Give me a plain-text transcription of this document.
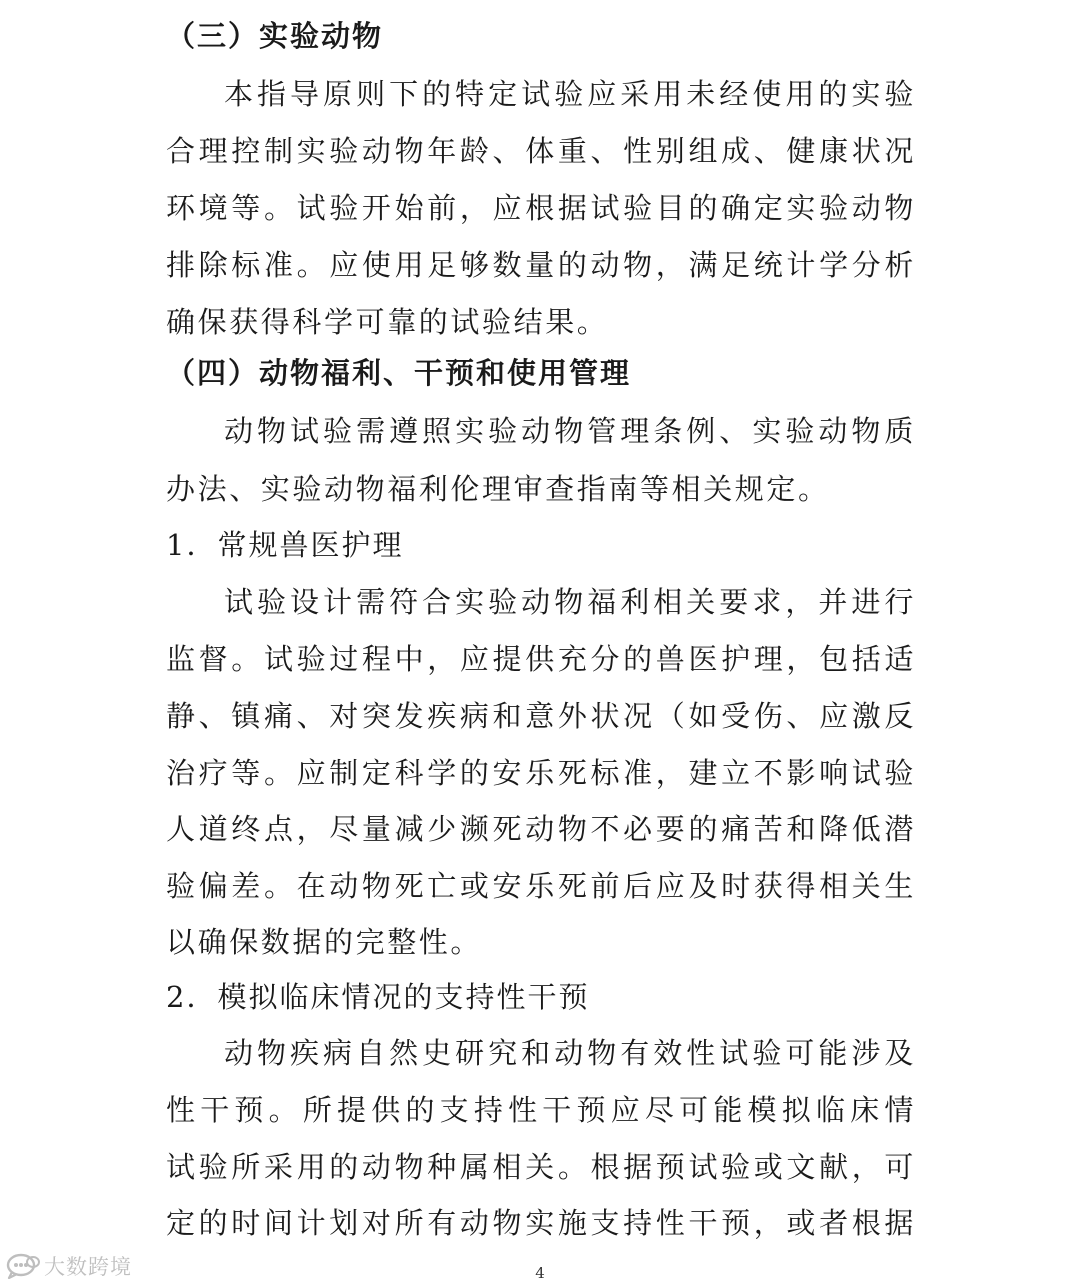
（三）实验动物
本指导原则下的特定试验应采用未经使用的实验
合理控制实验动物年龄、体重、性别组成、健康状况
环境等。试验开始前，应根据试验目的确定实验动物
排除标准。应使用足够数量的动物，满足统计学分析
确保获得科学可靠的试验结果。
（四）动物福利、干预和使用管理
动物试验需遵照实验动物管理条例、实验动物质
办法、实验动物福利伦理审查指南等相关规定。
1．常规兽医护理
试验设计需符合实验动物福利相关要求，并进行
监督。试验过程中，应提供充分的兽医护理，包括适
静、镇痛、对突发疾病和意外状况（如受伤、应激反
治疗等。应制定科学的安乐死标准，建立不影响试验
人道终点，尽量减少濒死动物不必要的痛苦和降低潜
验偏差。在动物死亡或安乐死前后应及时获得相关生
以确保数据的完整性。
2．模拟临床情况的支持性干预
动物疾病自然史研究和动物有效性试验可能涉及
性干预。所提供的支持性干预应尽可能模拟临床情
试验所采用的动物种属相关。根据预试验或文献，可
定的时间计划对所有动物实施支持性干预，或者根据
大数跨境	4
